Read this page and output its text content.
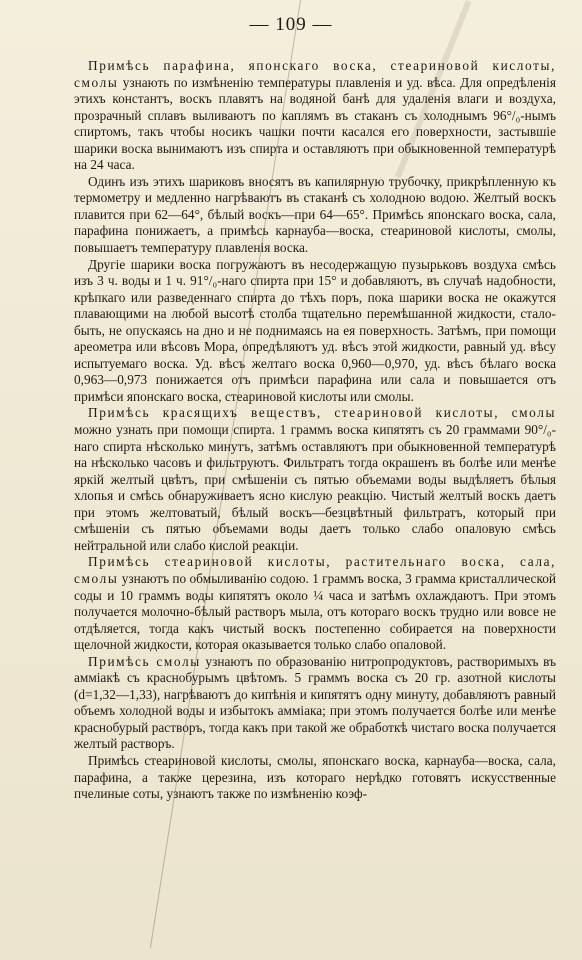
— 109 —

Примѣсь парафина, японскаго воска, стеариновой кислоты, смолы узнають по измѣненію температуры плавленія и уд. вѣса. Для опредѣленія этихъ константъ, воскъ плавятъ на водяной банѣ для удаленія влаги и воздуха, прозрачный сплавъ выливаютъ по каплямъ въ стаканъ съ холоднымъ 96°/₀-нымъ спиртомъ, такъ чтобы носикъ чашки почти касался его поверхности, застывшіе шарики воска вынимаютъ изъ спирта и оставляютъ при обыкновенной температурѣ на 24 часа.

Одинъ изъ этихъ шариковъ вносятъ въ капилярную трубочку, прикрѣпленную къ термометру и медленно нагрѣваютъ въ стаканѣ съ холодною водою. Желтый воскъ плавится при 62—64°, бѣлый воскъ—при 64—65°. Примѣсь японскаго воска, сала, парафина понижаетъ, а примѣсь карнауба—воска, стеариновой кислоты, смолы, повышаетъ температуру плавленія воска.

Другіе шарики воска погружаютъ въ несодержащую пузырьковъ воздуха смѣсь изъ 3 ч. воды и 1 ч. 91°/₀-наго спирта при 15° и добавляютъ, въ случаѣ надобности, крѣпкаго или разведеннаго спирта до тѣхъ поръ, пока шарики воска не окажутся плавающими на любой высотѣ столба тщательно перемѣшанной жидкости, стало-быть, не опускаясь на дно и не поднимаясь на ея поверхность. Затѣмъ, при помощи ареометра или вѣсовъ Мора, опредѣляютъ уд. вѣсъ этой жидкости, равный уд. вѣсу испытуемаго воска. Уд. вѣсъ желтаго воска 0,960—0,970, уд. вѣсъ бѣлаго воска 0,963—0,973 понижается отъ примѣси парафина или сала и повышается отъ примѣси японскаго воска, стеариновой кислоты или смолы.

Примѣсь красящихъ веществъ, стеариновой кислоты, смолы можно узнать при помощи спирта. 1 граммъ воска кипятятъ съ 20 граммами 90°/₀-наго спирта нѣсколько минутъ, затѣмъ оставляютъ при обыкновенной температурѣ на нѣсколько часовъ и фильтруютъ. Фильтратъ тогда окрашенъ въ болѣе или менѣе яркій желтый цвѣтъ, при смѣшеніи съ пятью объемами воды выдѣляетъ бѣлыя хлопья и смѣсь обнаруживаетъ ясно кислую реакцію. Чистый желтый воскъ даетъ при этомъ желтоватый, бѣлый воскъ—безцвѣтный фильтратъ, который при смѣшеніи съ пятью объемами воды даетъ только слабо опаловую смѣсь нейтральной или слабо кислой реакціи.

Примѣсь стеариновой кислоты, растительнаго воска, сала, смолы узнаютъ по обмыливанію содою. 1 граммъ воска, 3 грамма кристаллической соды и 10 граммъ воды кипятятъ около ¼ часа и затѣмъ охлаждаютъ. При этомъ получается молочно-бѣлый растворъ мыла, отъ котораго воскъ трудно или вовсе не отдѣляется, тогда какъ чистый воскъ постепенно собирается на поверхности щелочной жидкости, которая оказывается только слабо опаловой.

Примѣсь смолы узнаютъ по образованію нитропродуктовъ, растворимыхъ въ аммiакѣ съ краснобурымъ цвѣтомъ. 5 граммъ воска съ 20 гр. азотной кислоты (d=1,32—1,33), нагрѣваютъ до кипѣнія и кипятятъ одну минуту, добавляютъ равный объемъ холодной воды и избытокъ аммiака; при этомъ получается болѣе или менѣе краснобурый растворъ, тогда какъ при такой же обработкѣ чистаго воска получается желтый растворъ.

Примѣсь стеариновой кислоты, смолы, японскаго воска, карнауба—воска, сала, парафина, а также церезина, изъ котораго нерѣдко готовятъ искусственные пчелиные соты, узнаютъ также по измѣненію коэф-
